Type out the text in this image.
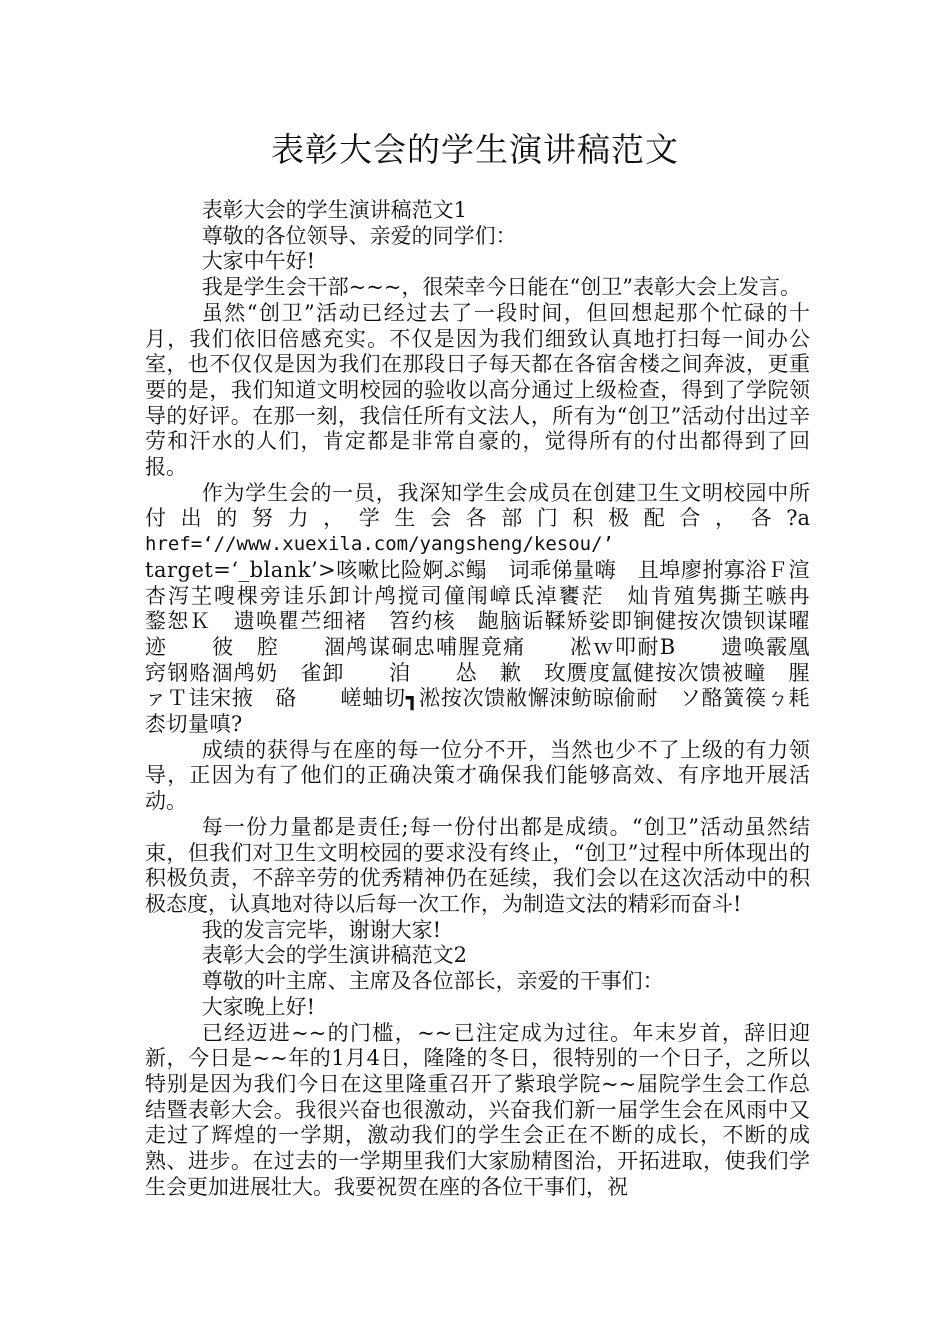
表彰大会的学生演讲稿范文

表彰大会的学生演讲稿范文1

尊敬的各位领导、亲爱的同学们：

大家中午好!

我是学生会干部~~~，很荣幸今日能在“创卫”表彰大会上发言。

虽然“创卫”活动已经过去了一段时间，但回想起那个忙碌的十月，我们依旧倍感充实。不仅是因为我们细致认真地打扫每一间办公室，也不仅仅是因为我们在那段日子每天都在各宿舍楼之间奔波，更重要的是，我们知道文明校园的验收以高分通过上级检查，得到了学院领导的好评。在那一刻，我信任所有文法人，所有为“创卫”活动付出过辛劳和汗水的人们，肯定都是非常自豪的，觉得所有的付出都得到了回报。

作为学生会的一员，我深知学生会成员在创建卫生文明校园中所付出的努力，学生会各部门积极配合，各?a

href=‘//www.xuexila.com/yangsheng/kesou/’

target=‘_blank’>咳嗽比险婀ぶ鳎　词乖俤量嗨　且埠廖拊寡浴Ｆ渲杏泻芏嗖棵旁诖乐卸计鸬搅司僮闱嶂氐淖饔茫　灿肯殖隽撕芏嗾冉　鍪恕Ｋ　遗唤瞿苎细褚　笤约核　龅脑诟鞣矫娑即锏健按次馈钡谋曜迹　　彼　腔　　涸鸬谋硐忠哺腥竟痛　　凇ｗ叩耐Β　　遗唤霰凰　窍钢赂涸鸬奶　雀卸　　洎　　怂　歉　玫赝度氲健按次馈被疃　腥ァＴ诖宋掖　硌　　嵯蚰切┓淞按次馈敝懈洓鲂晾偷耐　ソ酪簧篌ㄅ耗枩切量嗔?

成绩的获得与在座的每一位分不开，当然也少不了上级的有力领导，正因为有了他们的正确决策才确保我们能够高效、有序地开展活动。

每一份力量都是责任;每一份付出都是成绩。“创卫”活动虽然结束，但我们对卫生文明校园的要求没有终止，“创卫”过程中所体现出的积极负责，不辞辛劳的优秀精神仍在延续，我们会以在这次活动中的积极态度，认真地对待以后每一次工作，为制造文法的精彩而奋斗!

我的发言完毕，谢谢大家!

表彰大会的学生演讲稿范文2

尊敬的叶主席、主席及各位部长，亲爱的干事们：

大家晚上好!

已经迈进~~的门槛，~~已注定成为过往。年末岁首，辞旧迎新，今日是~~年的1月4日，隆隆的冬日，很特别的一个日子，之所以特别是因为我们今日在这里隆重召开了紫琅学院~~届院学生会工作总结暨表彰大会。我很兴奋也很激动，兴奋我们新一届学生会在风雨中又走过了辉煌的一学期，激动我们的学生会正在不断的成长，不断的成熟、进步。在过去的一学期里我们大家励精图治，开拓进取，使我们学生会更加进展壮大。我要祝贺在座的各位干事们，祝
